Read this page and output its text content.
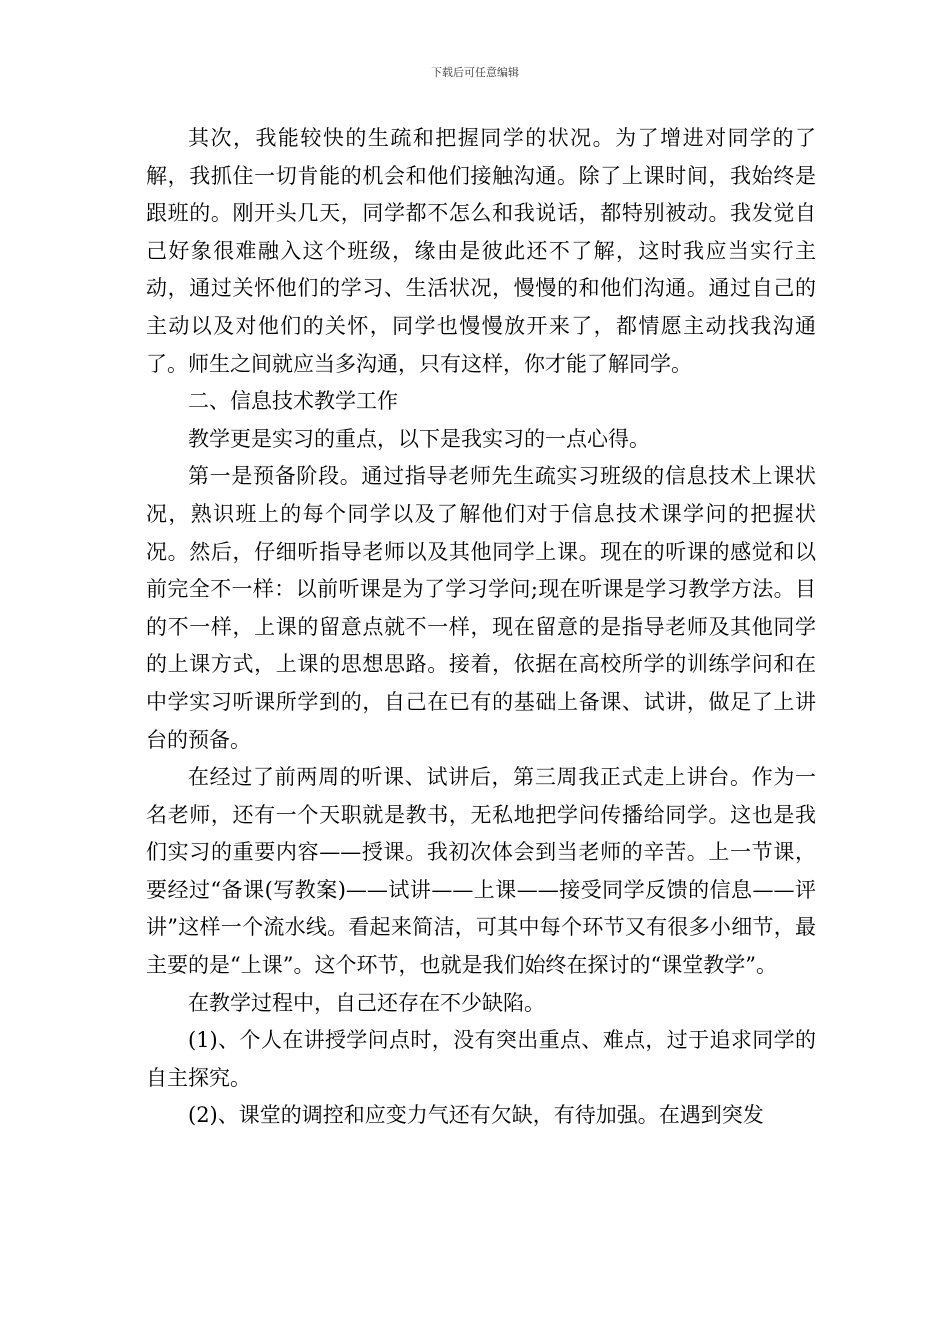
下载后可任意编辑

其次，我能较快的生疏和把握同学的状况。为了增进对同学的了解，我抓住一切肯能的机会和他们接触沟通。除了上课时间，我始终是跟班的。刚开头几天，同学都不怎么和我说话，都特别被动。我发觉自己好象很难融入这个班级，缘由是彼此还不了解，这时我应当实行主动，通过关怀他们的学习、生活状况，慢慢的和他们沟通。通过自己的主动以及对他们的关怀，同学也慢慢放开来了，都情愿主动找我沟通了。师生之间就应当多沟通，只有这样，你才能了解同学。

二、信息技术教学工作

教学更是实习的重点，以下是我实习的一点心得。

第一是预备阶段。通过指导老师先生疏实习班级的信息技术上课状况，熟识班上的每个同学以及了解他们对于信息技术课学问的把握状况。然后，仔细听指导老师以及其他同学上课。现在的听课的感觉和以前完全不一样：以前听课是为了学习学问;现在听课是学习教学方法。目的不一样，上课的留意点就不一样，现在留意的是指导老师及其他同学的上课方式，上课的思想思路。接着，依据在高校所学的训练学问和在中学实习听课所学到的，自己在已有的基础上备课、试讲，做足了上讲台的预备。

在经过了前两周的听课、试讲后，第三周我正式走上讲台。作为一名老师，还有一个天职就是教书，无私地把学问传播给同学。这也是我们实习的重要内容——授课。我初次体会到当老师的辛苦。上一节课，要经过“备课(写教案)——试讲——上课——接受同学反馈的信息——评讲”这样一个流水线。看起来简洁，可其中每个环节又有很多小细节，最主要的是“上课”。这个环节，也就是我们始终在探讨的“课堂教学”。

在教学过程中，自己还存在不少缺陷。

(1)、个人在讲授学问点时，没有突出重点、难点，过于追求同学的自主探究。

(2)、课堂的调控和应变力气还有欠缺，有待加强。在遇到突发
